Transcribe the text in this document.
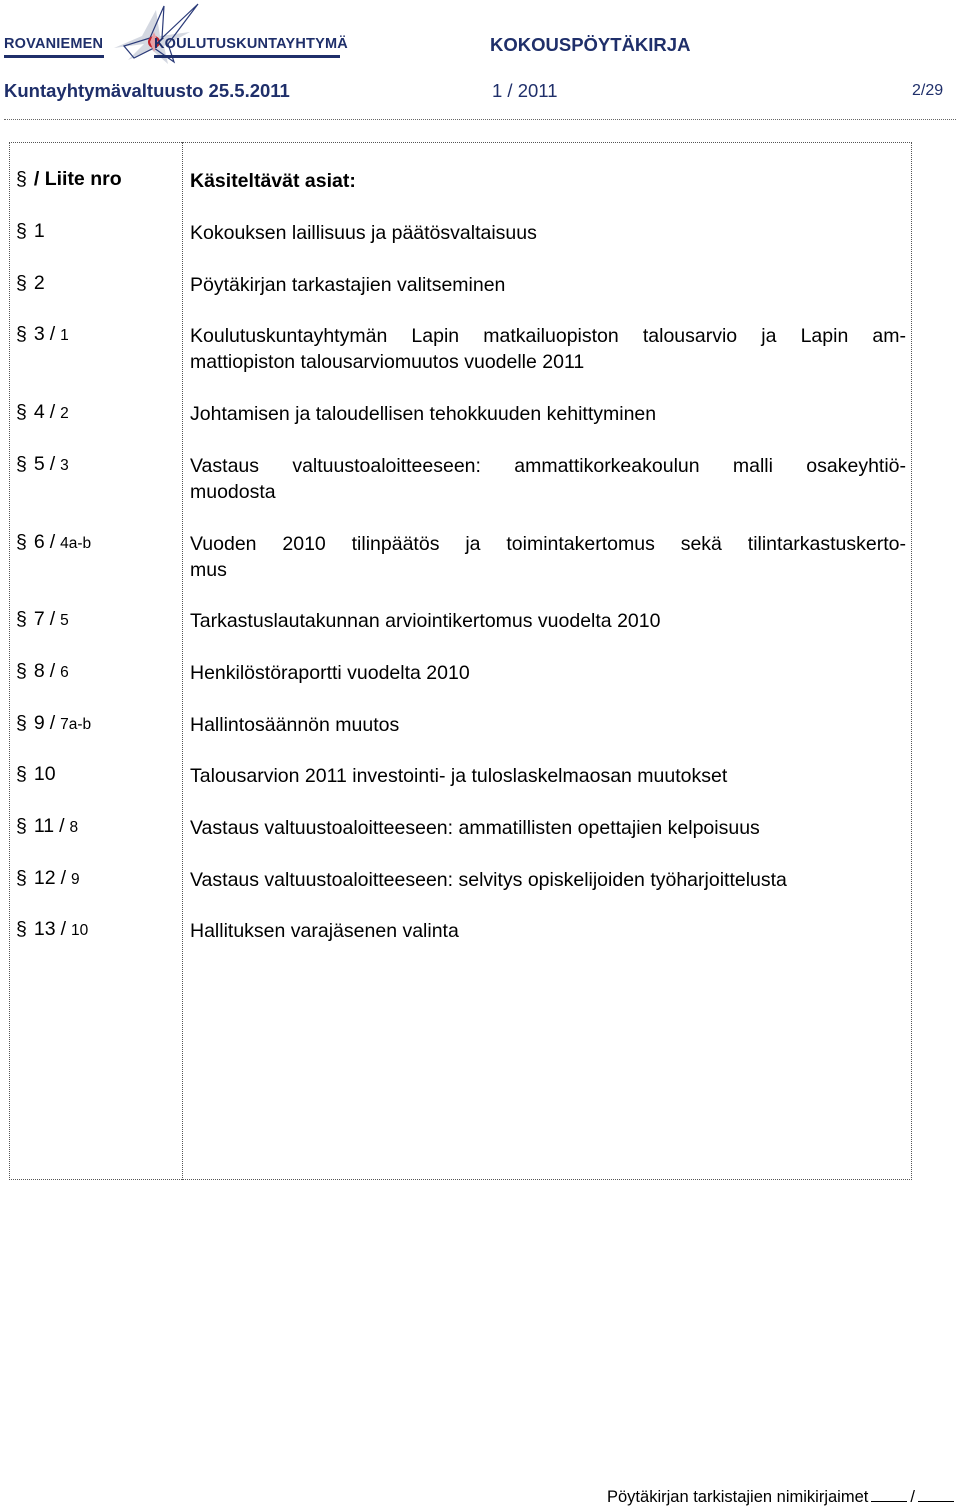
ROVANIEMEN	KOULUTUSKUNTAYHTYMÄ	KOKOUSPÖYTÄKIRJA
Kuntayhtymävaltuusto 25.5.2011	1 / 2011	2/29
§ / Liite nro	Käsiteltävät asiat:
§ 1	Kokouksen laillisuus ja päätösvaltaisuus
§ 2	Pöytäkirjan tarkastajien valitseminen
§ 3 / 1	Koulutuskuntayhtymän Lapin matkailuopiston talousarvio ja Lapin am-
mattiopiston talousarviomuutos vuodelle 2011
§ 4 / 2	Johtamisen ja taloudellisen tehokkuuden kehittyminen
§ 5 / 3	Vastaus valtuustoaloitteeseen: ammattikorkeakoulun malli osakeyhtiö-
muodosta
§ 6 / 4a-b	Vuoden 2010 tilinpäätös ja toimintakertomus sekä tilintarkastuskerto-
mus
§ 7 / 5	Tarkastuslautakunnan arviointikertomus vuodelta 2010
§ 8 / 6	Henkilöstöraportti vuodelta 2010
§ 9 / 7a-b	Hallintosäännön muutos
§ 10	Talousarvion 2011 investointi- ja tuloslaskelmaosan muutokset
§ 11 / 8	Vastaus valtuustoaloitteeseen: ammatillisten opettajien kelpoisuus
§ 12 / 9	Vastaus valtuustoaloitteeseen: selvitys opiskelijoiden työharjoittelusta
§ 13 / 10	Hallituksen varajäsenen valinta
Pöytäkirjan tarkistajien nimikirjaimet	/
